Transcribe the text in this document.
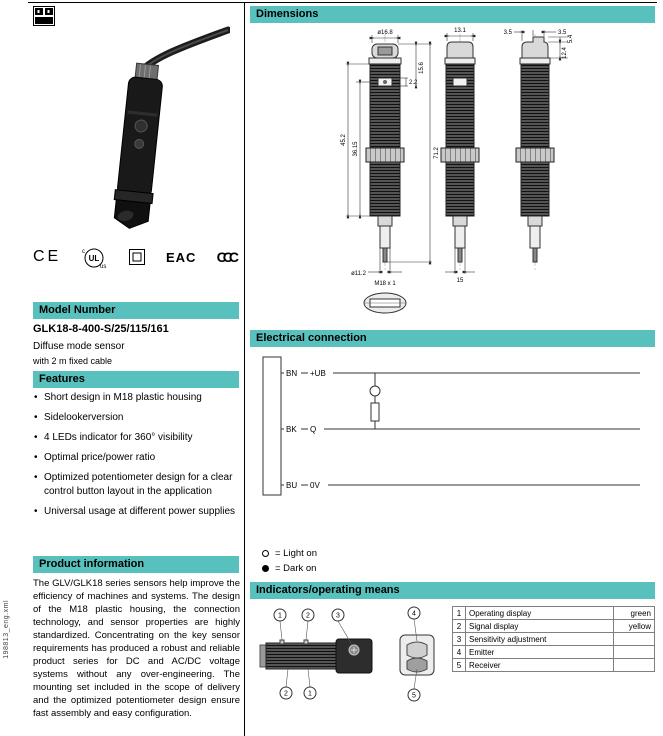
198813_eng.xml
CE	c
UL
us
EAC CCC
Model Number
GLK18-8-400-S/25/115/161
Diffuse mode sensor
with 2 m fixed cable
Features
• Short design in M18 plastic housing
• Sidelookerversion
• 4 LEDs indicator for 360° visibility
• Optimal price/power ratio
• Optimized potentiometer design for a clear control button layout in the application
• Universal usage at different power supplies
Product information
The GLV/GLK18 series sensors help improve the efficiency of machines and systems. The design of the M18 plastic housing, the connection technology, and sensor properties are highly standardized. Concentrating on the key sensor requirements has produced a robust and reliable product series for DC and AC/DC voltage systems without any over-engineering. The mounting set included in the scope of delivery and the optimized potentiometer design ensure fast assembly and easy configuration.
Dimensions
ø16.8
2.2
15.6
45.2
36.15	71.2
ø11.2
M18 x 1
13.1
15
3.5	3.5
5.4
12.4
Electrical connection
BN +UB
BK Q
BU 0V
= Light on
= Dark on
Indicators/operating means
1	2	3	4
5
2	1
1	Operating display	green
2	Signal display	yellow
3	Sensitivity adjustment	
4	Emitter	
5	Receiver	
